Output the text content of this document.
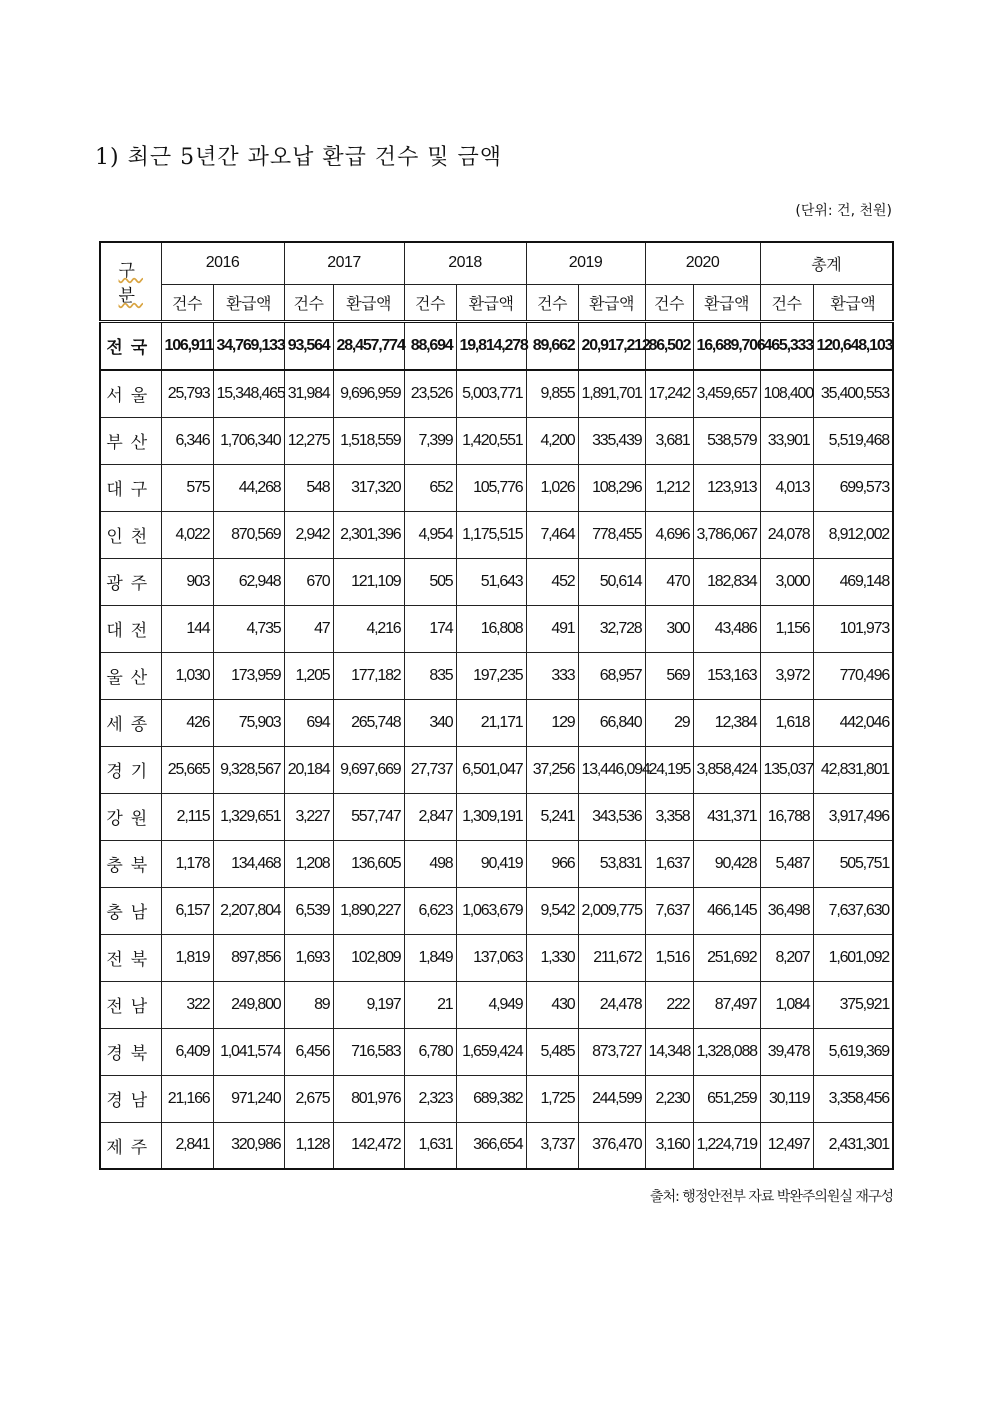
1) 최근 5년간 과오납 환급 건수 및 금액
(단위: 건, 천원)
구 분	2016		2017		2018		2019		2020		총계	
	건수	환급액	건수	환급액	건수	환급액	건수	환급액	건수	환급액	건수	환급액
전국	106,911	34,769,133	93,564	28,457,774	88,694	19,814,278	89,662	20,917,212	86,502	16,689,706	465,333	120,648,103
서울	25,793	15,348,465	31,984	9,696,959	23,526	5,003,771	9,855	1,891,701	17,242	3,459,657	108,400	35,400,553
부산	6,346	1,706,340	12,275	1,518,559	7,399	1,420,551	4,200	335,439	3,681	538,579	33,901	5,519,468
대구	575	44,268	548	317,320	652	105,776	1,026	108,296	1,212	123,913	4,013	699,573
인천	4,022	870,569	2,942	2,301,396	4,954	1,175,515	7,464	778,455	4,696	3,786,067	24,078	8,912,002
광주	903	62,948	670	121,109	505	51,643	452	50,614	470	182,834	3,000	469,148
대전	144	4,735	47	4,216	174	16,808	491	32,728	300	43,486	1,156	101,973
울산	1,030	173,959	1,205	177,182	835	197,235	333	68,957	569	153,163	3,972	770,496
세종	426	75,903	694	265,748	340	21,171	129	66,840	29	12,384	1,618	442,046
경기	25,665	9,328,567	20,184	9,697,669	27,737	6,501,047	37,256	13,446,094	24,195	3,858,424	135,037	42,831,801
강원	2,115	1,329,651	3,227	557,747	2,847	1,309,191	5,241	343,536	3,358	431,371	16,788	3,917,496
충북	1,178	134,468	1,208	136,605	498	90,419	966	53,831	1,637	90,428	5,487	505,751
충남	6,157	2,207,804	6,539	1,890,227	6,623	1,063,679	9,542	2,009,775	7,637	466,145	36,498	7,637,630
전북	1,819	897,856	1,693	102,809	1,849	137,063	1,330	211,672	1,516	251,692	8,207	1,601,092
전남	322	249,800	89	9,197	21	4,949	430	24,478	222	87,497	1,084	375,921
경북	6,409	1,041,574	6,456	716,583	6,780	1,659,424	5,485	873,727	14,348	1,328,088	39,478	5,619,369
경남	21,166	971,240	2,675	801,976	2,323	689,382	1,725	244,599	2,230	651,259	30,119	3,358,456
제주	2,841	320,986	1,128	142,472	1,631	366,654	3,737	376,470	3,160	1,224,719	12,497	2,431,301
출처: 행정안전부 자료 박완주의원실 재구성
